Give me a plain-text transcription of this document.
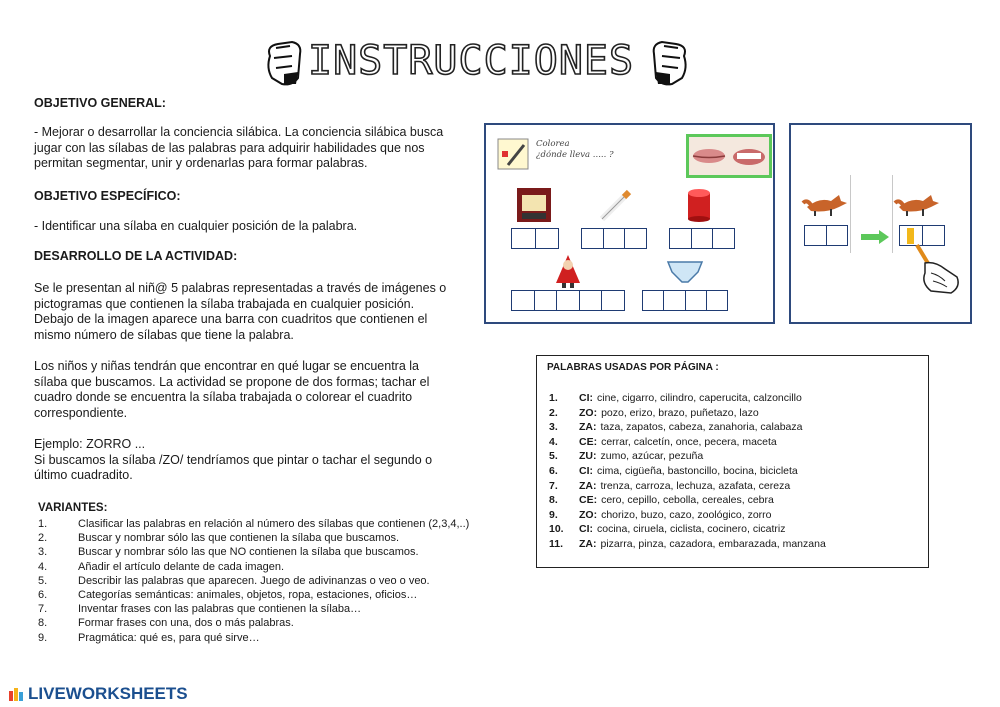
INSTRUCCIONES
OBJETIVO GENERAL:
- Mejorar o desarrollar la conciencia silábica. La conciencia silábica busca
jugar con las sílabas de las palabras para adquirir habilidades que nos
permitan segmentar, unir y ordenarlas para formar palabras.
OBJETIVO ESPECÍFICO:
- Identificar una sílaba en cualquier posición de la palabra.
DESARROLLO DE LA ACTIVIDAD:
Se le presentan al niñ@ 5 palabras representadas a través de imágenes o
pictogramas que contienen la sílaba trabajada en cualquier posición.
Debajo de la imagen aparece una barra con cuadritos que contienen el
mismo número de sílabas que tiene la palabra.
Los niños y niñas tendrán que encontrar en qué lugar se encuentra la
sílaba que buscamos. La actividad se propone de dos formas; tachar el
cuadro donde se encuentra la sílaba trabajada o colorear el cuadrito
correspondiente.
Ejemplo: ZORRO ...
Si buscamos la sílaba /ZO/ tendríamos que pintar o tachar el segundo o
último cuadradito.
VARIANTES:
1.	Clasificar las palabras en relación al número des sílabas que contienen (2,3,4,..)
2.	Buscar y nombrar sólo las que contienen la sílaba que buscamos.
3.	Buscar y nombrar sólo las que NO contienen la sílaba que buscamos.
4.	Añadir el artículo delante de cada imagen.
5.	Describir las palabras que aparecen. Juego de adivinanzas o veo o veo.
6.	Categorías semánticas: animales, objetos, ropa, estaciones, oficios…
7.	Inventar frases con las palabras que contienen la sílaba…
8.	Formar frases con una, dos o más palabras.
9.	Pragmática: qué es, para qué sirve…
Colorea
¿dónde lleva ..... ?
PALABRAS USADAS POR PÁGINA :
1.	CI: cine, cigarro, cilindro, caperucita, calzoncillo
2.	ZO: pozo, erizo, brazo, puñetazo, lazo
3.	ZA: taza, zapatos, cabeza, zanahoria, calabaza
4.	CE: cerrar, calcetín, once, pecera, maceta
5.	ZU: zumo, azúcar, pezuña
6.	CI: cima, cigüeña, bastoncillo, bocina, bicicleta
7.	ZA: trenza, carroza, lechuza, azafata, cereza
8.	CE: cero, cepillo, cebolla, cereales, cebra
9.	ZO: chorizo, buzo, cazo, zoológico, zorro
10.	CI: cocina, ciruela, ciclista, cocinero, cicatriz
11.	ZA: pizarra, pinza, cazadora, embarazada, manzana
LIVEWORKSHEETS
